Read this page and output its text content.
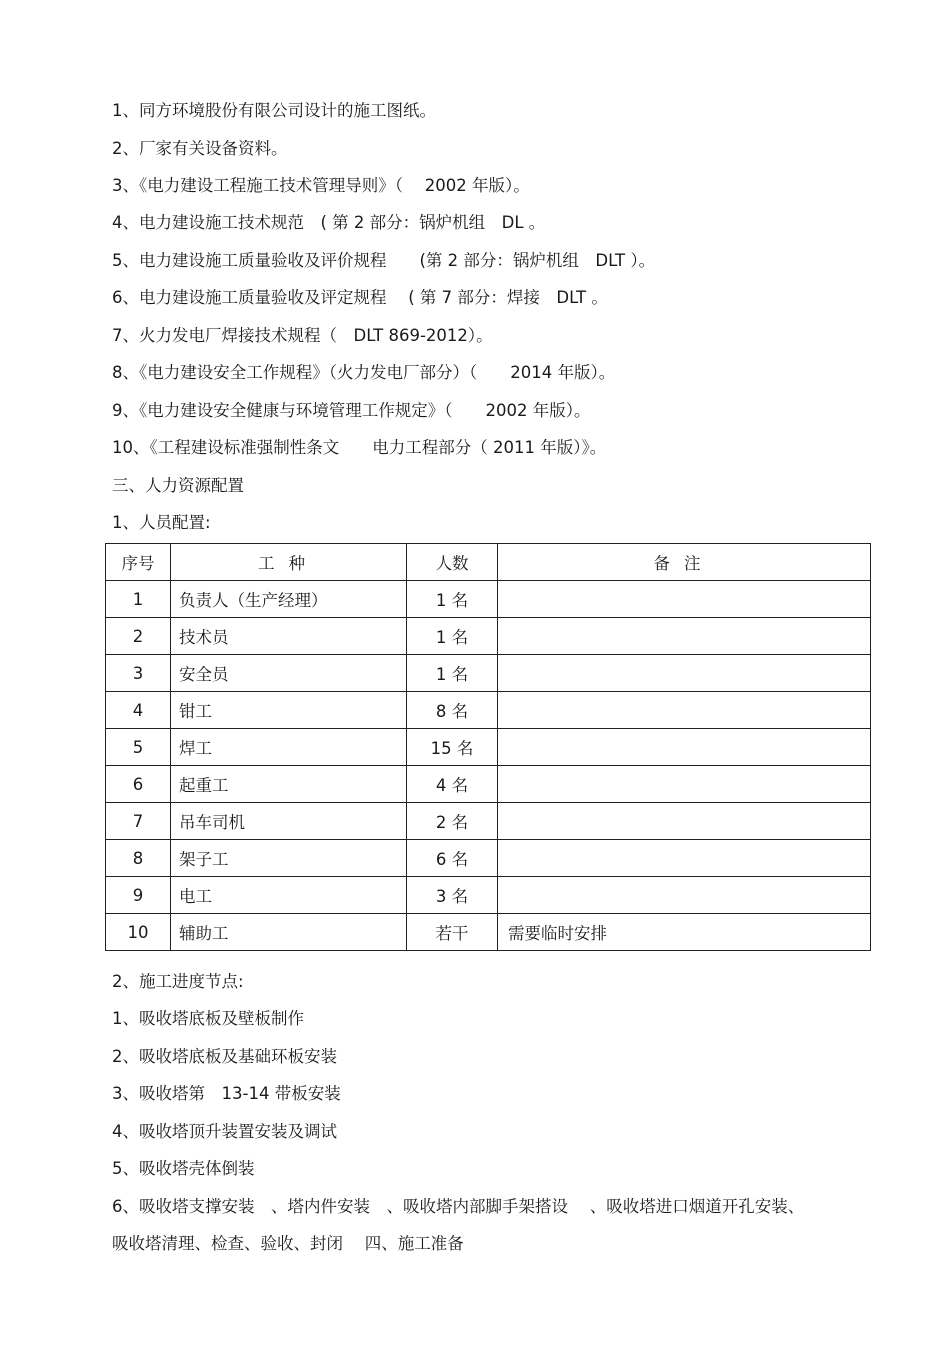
1、同方环境股份有限公司设计的施工图纸。
2、厂家有关设备资料。
3、《电力建设工程施工技术管理导则》（　 2002 年版）。
4、电力建设施工技术规范　( 第 2 部分：锅炉机组　DL 。
5、电力建设施工质量验收及评价规程　　(第 2 部分：锅炉机组　DLT ）。
6、电力建设施工质量验收及评定规程　 ( 第 7 部分：焊接　DLT 。
7、火力发电厂焊接技术规程（　DLT 869-2012）。
8、《电力建设安全工作规程》（火力发电厂部分）（　　2014 年版）。
9、《电力建设安全健康与环境管理工作规定》（　　2002 年版）。
10、《工程建设标准强制性条文　　电力工程部分（ 2011 年版）》。
三、人力资源配置
1、人员配置:
序号	工种	人数	备注
1	负责人（生产经理）	1 名	
2	技术员	1 名	
3	安全员	1 名	
4	钳工	8 名	
5	焊工	15 名	
6	起重工	4 名	
7	吊车司机	2 名	
8	架子工	6 名	
9	电工	3 名	
10	辅助工	若干	需要临时安排
2、施工进度节点:
1、吸收塔底板及壁板制作
2、吸收塔底板及基础环板安装
3、吸收塔第　13-14 带板安装
4、吸收塔顶升装置安装及调试
5、吸收塔壳体倒装
6、吸收塔支撑安装　、塔内件安装　、吸收塔内部脚手架搭设　 、吸收塔进口烟道开孔安装、
吸收塔清理、检查、验收、封闭　 四、施工准备
